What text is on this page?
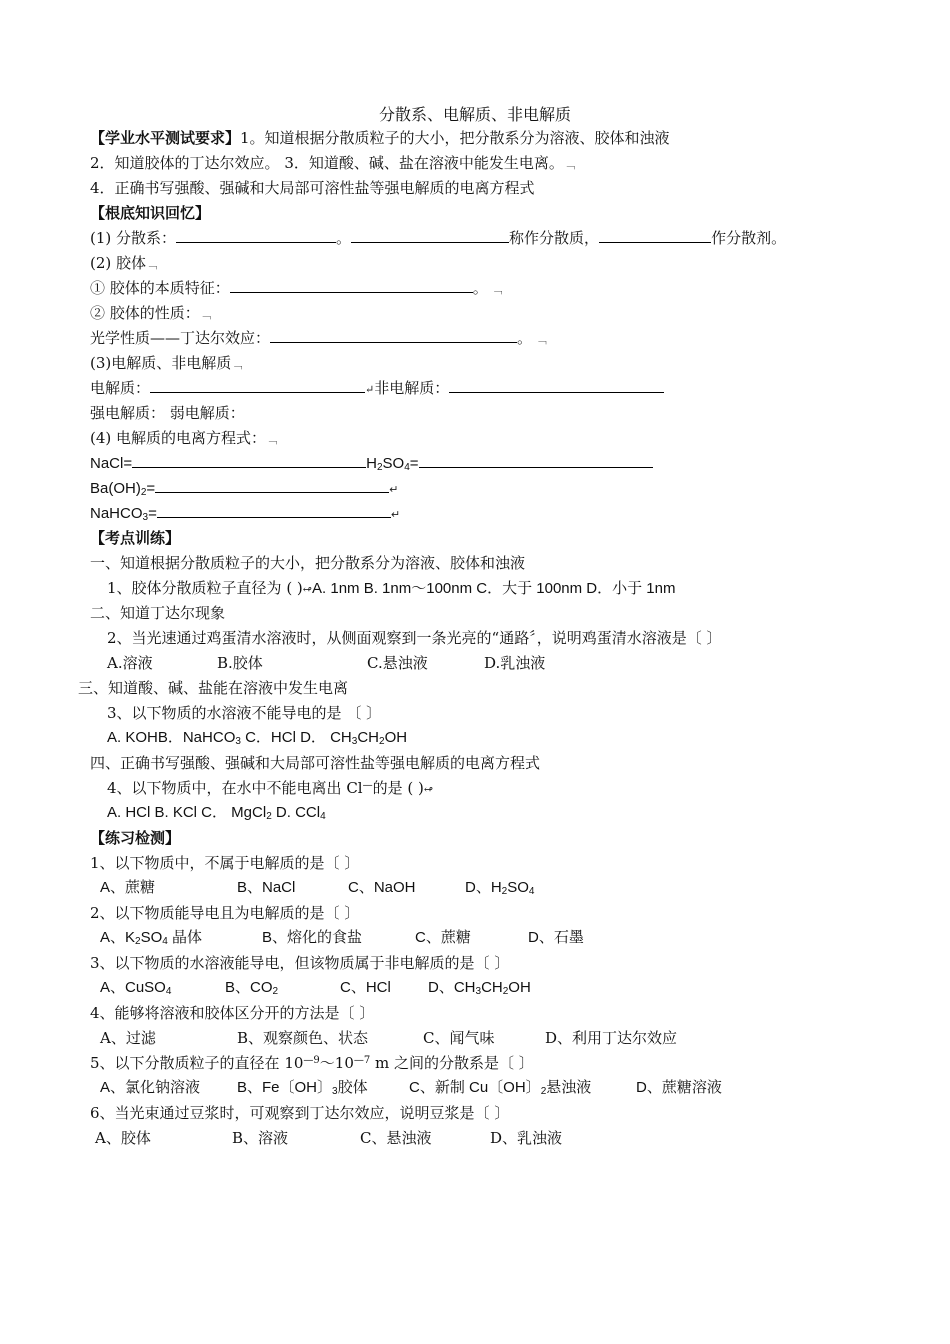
分散系、电解质、非电解质
【学业水平测试要求】1。知道根据分散质粒子的大小，把分散系分为溶液、胶体和浊液
2．知道胶体的丁达尔效应。 3．知道酸、碱、盐在溶液中能发生电离。﹁
4．正确书写强酸、强碱和大局部可溶性盐等强电解质的电离方程式
【根底知识回忆】
(1) 分散系：	。	称作分散质，	作分散剂。
(2) 胶体﹁
① 胶体的本质特征：	。 ﹁
② 胶体的性质：﹁
光学性质——丁达尔效应：	。 ﹁
(3)电解质、非电解质﹁
电解质：	↵非电解质：
强电解质： 弱电解质：
(4) 电解质的电离方程式：﹁
NaCl=	$H_2SO_4=$
$Ba(OH)_2=$	↵
NaHCO$_3$=	↵
【考点训练】
一、知道根据分散质粒子的大小，把分散系分为溶液、胶体和浊液
1、胶体分散质粒子直径为 ( )↫A. 1nm B. 1nm～100nm C．大于 100nm D．小于 1nm
二、知道丁达尔现象
2、当光速通过鸡蛋清水溶液时，从侧面观察到一条光亮的“通路〞，说明鸡蛋清水溶液是〔 〕
A.溶液	B.胶体	C.悬浊液	D.乳浊液
三、知道酸、碱、盐能在溶液中发生电离
3、以下物质的水溶液不能导电的是 〔 〕
A. KOHB．NaHCO$_3$ C．HCl D． $CH_3CH_2OH$
四、正确书写强酸、强碱和大局部可溶性盐等强电解质的电离方程式
4、以下物质中，在水中不能电离出 Cl—的是 ( )↫
A. HCl B. KCl C． MgCl$_2$ D. CCl$_4$
【练习检测】
1、以下物质中，不属于电解质的是〔 〕
A、蔗糖	B、NaCl	C、NaOH	D、$H_2SO_4$
2、以下物质能导电且为电解质的是〔 〕
A、$K_2SO_4$ 晶体	B、熔化的食盐	C、蔗糖	D、石墨
3、以下物质的水溶液能导电，但该物质属于非电解质的是〔 〕
A、CuSO$_4$	B、$CO_2$	C、HCl D、$CH_3CH_2OH$
4、能够将溶液和胶体区分开的方法是〔 〕
A、过滤	B、观察颜色、状态	C、闻气味	D、利用丁达尔效应
5、以下分散质粒子的直径在 $10^{—9}\sim 10^{—7}$ m 之间的分散系是〔 〕
A、氯化钠溶液 B、Fe〔OH〕$_3$胶体	C、新制 Cu〔OH〕$_2$悬浊液	D、蔗糖溶液
6、当光束通过豆浆时，可观察到丁达尔效应，说明豆浆是〔 〕
A、胶体	B、溶液	C、悬浊液	D、乳浊液
